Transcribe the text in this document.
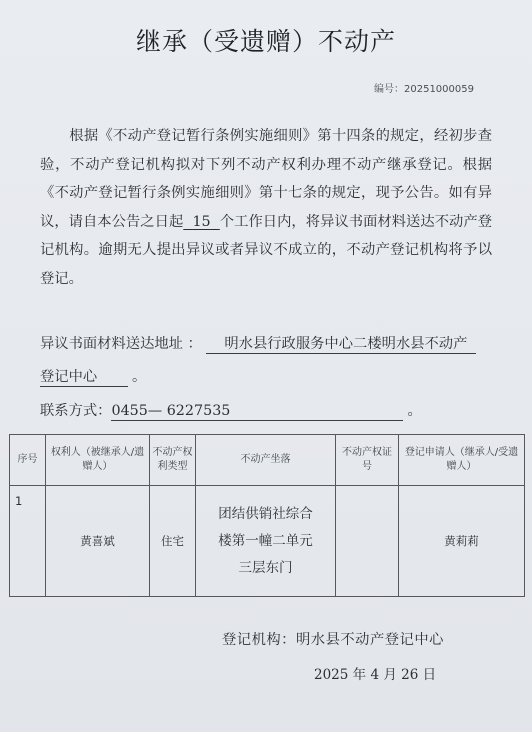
继承（受遗赠）不动产
编号：20251000059
根据《不动产登记暂行条例实施细则》第十四条的规定，经初步查验，不动产登记机构拟对下列不动产权利办理不动产继承登记。根据《不动产登记暂行条例实施细则》第十七条的规定，现予公告。如有异议，请自本公告之日起 15 个工作日内，将异议书面材料送达不动产登记机构。逾期无人提出异议或者异议不成立的，不动产登记机构将予以登记。
异议书面材料送达地址 ： 明水县行政服务中心二楼明水县不动产
登记中心 。
联系方式：0455— 6227535	。
序号	权利人（被继承人/遗赠人）	不动产权利类型	不动产坐落	不动产权证号	登记申请人（继承人/受遗赠人）
1	黄喜斌	住宅	团结供销社综合
楼第一幢二单元
三层东门		黄莉莉
登记机构：明水县不动产登记中心
2025 年 4 月 26 日
